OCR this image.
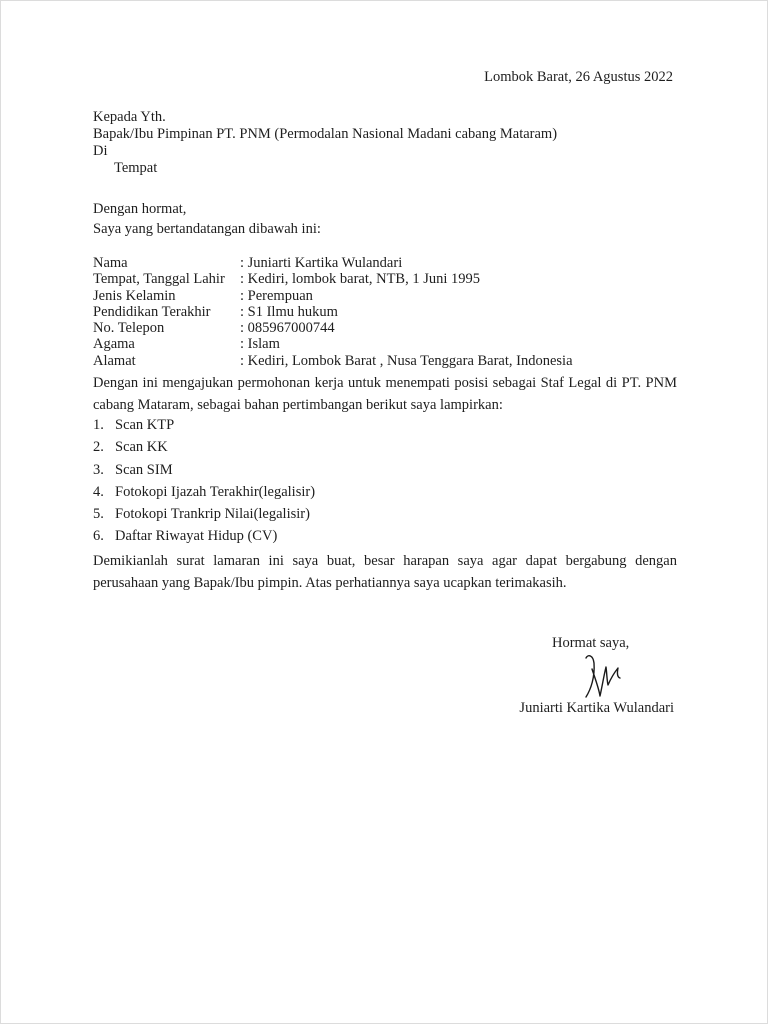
Lombok Barat, 26 Agustus 2022
Kepada Yth.
Bapak/Ibu Pimpinan PT. PNM (Permodalan Nasional Madani cabang Mataram)
Di
Tempat
Dengan hormat,
Saya yang bertandatangan dibawah ini:
Nama	: Juniarti Kartika Wulandari
Tempat, Tanggal Lahir	: Kediri, lombok barat, NTB, 1 Juni 1995
Jenis Kelamin	: Perempuan
Pendidikan Terakhir	: S1 Ilmu hukum
No. Telepon	: 085967000744
Agama	: Islam
Alamat	: Kediri, Lombok Barat , Nusa Tenggara Barat, Indonesia
Dengan ini mengajukan permohonan kerja untuk menempati posisi sebagai Staf Legal di PT. PNM cabang Mataram, sebagai bahan pertimbangan berikut saya lampirkan:
1. Scan KTP
2. Scan KK
3. Scan SIM
4. Fotokopi Ijazah Terakhir(legalisir)
5. Fotokopi Trankrip Nilai(legalisir)
6. Daftar Riwayat Hidup (CV)
Demikianlah surat lamaran ini saya buat, besar harapan saya agar dapat bergabung dengan perusahaan yang Bapak/Ibu pimpin. Atas perhatiannya saya ucapkan terimakasih.
Hormat saya,
Juniarti Kartika Wulandari
